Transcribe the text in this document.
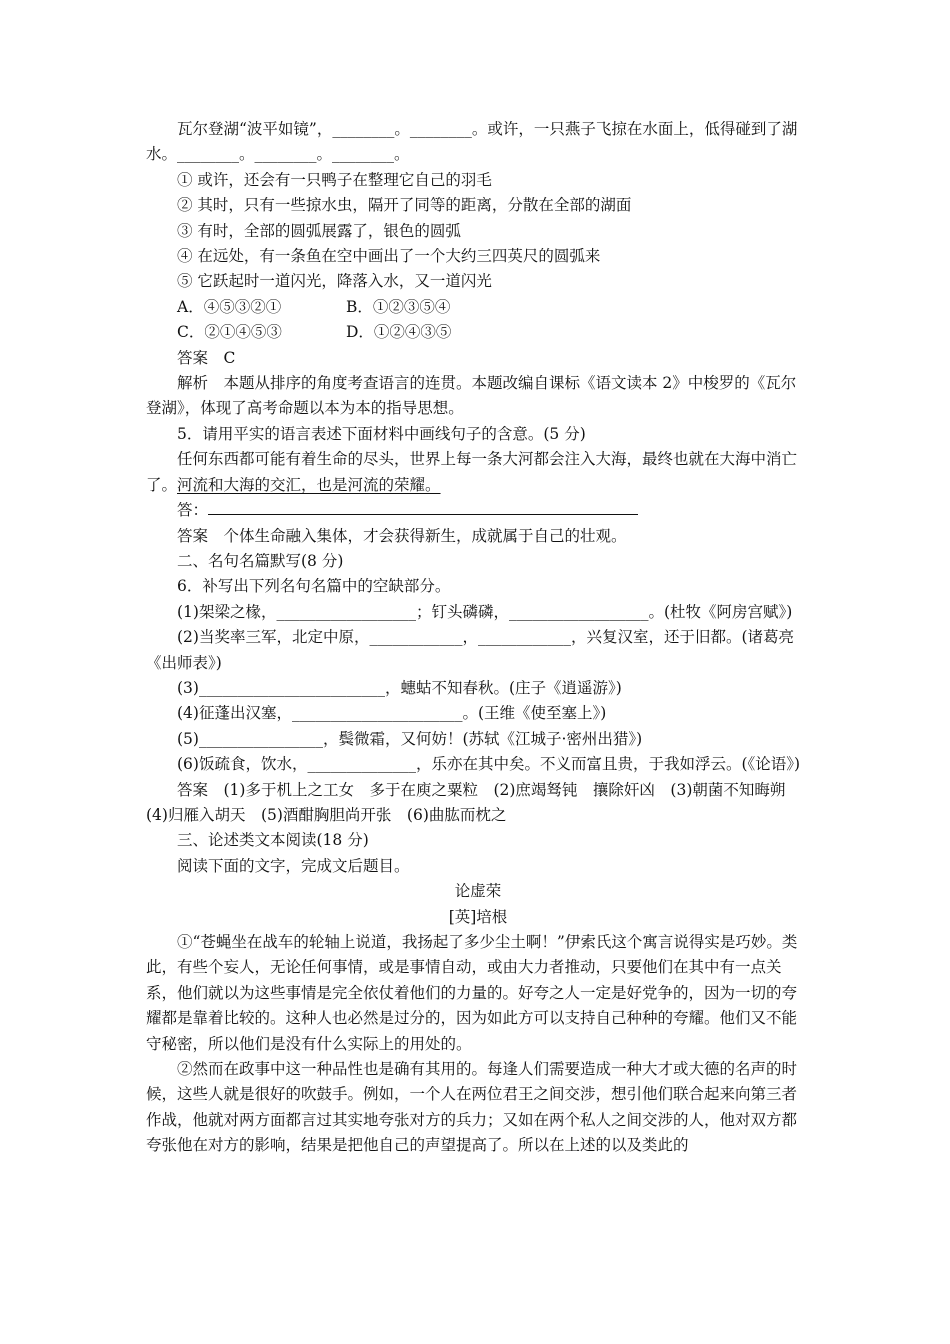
瓦尔登湖“波平如镜”，________。________。或许，一只燕子飞掠在水面上，低得碰到了湖水。________。________。________。

① 或许，还会有一只鸭子在整理它自己的羽毛

② 其时，只有一些掠水虫，隔开了同等的距离，分散在全部的湖面

③ 有时，全部的圆弧展露了，银色的圆弧

④ 在远处，有一条鱼在空中画出了一个大约三四英尺的圆弧来

⑤ 它跃起时一道闪光，降落入水，又一道闪光

A．④⑤③②①	B．①②③⑤④

C．②①④⑤③	D．①②④③⑤

答案　C

解析　本题从排序的角度考查语言的连贯。本题改编自课标《语文读本 2》中梭罗的《瓦尔登湖》，体现了高考命题以本为本的指导思想。

5．请用平实的语言表述下面材料中画线句子的含意。(5 分)

任何东西都可能有着生命的尽头，世界上每一条大河都会注入大海，最终也就在大海中消亡了。河流和大海的交汇，也是河流的荣耀。

答：

答案　个体生命融入集体，才会获得新生，成就属于自己的壮观。

二、名句名篇默写(8 分)

6．补写出下列名句名篇中的空缺部分。

(1)架梁之椽，__________________；钉头磷磷，__________________。(杜牧《阿房宫赋》)

(2)当奖率三军，北定中原，____________，____________，兴复汉室，还于旧都。(诸葛亮《出师表》)

(3)________________________，蟪蛄不知春秋。(庄子《逍遥游》)

(4)征蓬出汉塞，______________________。(王维《使至塞上》)

(5)________________，鬓微霜，又何妨！(苏轼《江城子·密州出猎》)

(6)饭疏食，饮水，______________，乐亦在其中矣。不义而富且贵，于我如浮云。(《论语》)

答案　(1)多于机上之工女　多于在庾之粟粒　(2)庶竭驽钝　攘除奸凶　(3)朝菌不知晦朔　(4)归雁入胡天　(5)酒酣胸胆尚开张　(6)曲肱而枕之

三、论述类文本阅读(18 分)

阅读下面的文字，完成文后题目。

论虚荣

[英]培根

①“苍蝇坐在战车的轮轴上说道，我扬起了多少尘土啊！”伊索氏这个寓言说得实是巧妙。类此，有些个妄人，无论任何事情，或是事情自动，或由大力者推动，只要他们在其中有一点关系，他们就以为这些事情是完全依仗着他们的力量的。好夸之人一定是好党争的，因为一切的夸耀都是靠着比较的。这种人也必然是过分的，因为如此方可以支持自己种种的夸耀。他们又不能守秘密，所以他们是没有什么实际上的用处的。

②然而在政事中这一种品性也是确有其用的。每逢人们需要造成一种大才或大德的名声的时候，这些人就是很好的吹鼓手。例如，一个人在两位君王之间交涉，想引他们联合起来向第三者作战，他就对两方面都言过其实地夸张对方的兵力；又如在两个私人之间交涉的人，他对双方都夸张他在对方的影响，结果是把他自己的声望提高了。所以在上述的以及类此的
